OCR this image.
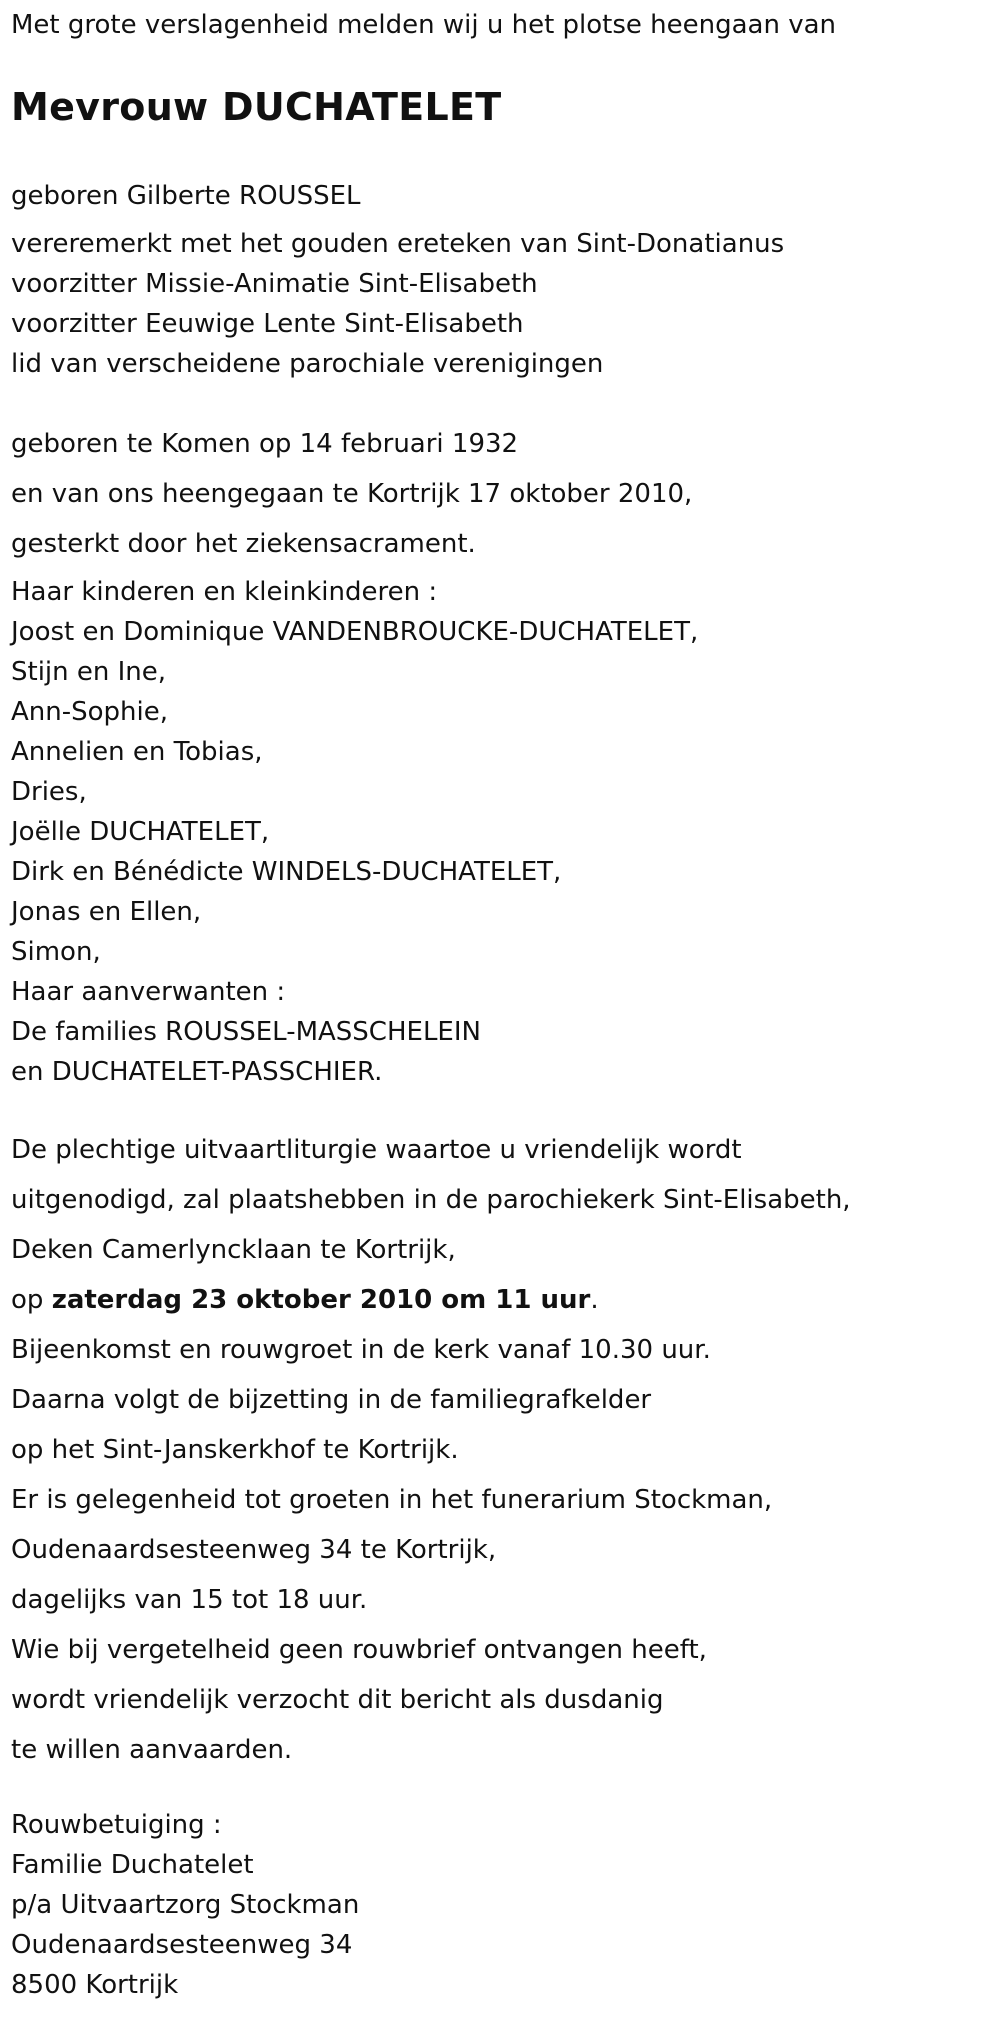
Met grote verslagenheid melden wij u het plotse heengaan van
Mevrouw DUCHATELET
geboren Gilberte ROUSSEL
vereremerkt met het gouden ereteken van Sint-Donatianus
voorzitter Missie-Animatie Sint-Elisabeth
voorzitter Eeuwige Lente Sint-Elisabeth
lid van verscheidene parochiale verenigingen
geboren te Komen op 14 februari 1932
en van ons heengegaan te Kortrijk 17 oktober 2010,
gesterkt door het ziekensacrament.
Haar kinderen en kleinkinderen :
Joost en Dominique VANDENBROUCKE-DUCHATELET,
Stijn en Ine,
Ann-Sophie,
Annelien en Tobias,
Dries,
Joëlle DUCHATELET,
Dirk en Bénédicte WINDELS-DUCHATELET,
Jonas en Ellen,
Simon,
Haar aanverwanten :
De families ROUSSEL-MASSCHELEIN
en DUCHATELET-PASSCHIER.
De plechtige uitvaartliturgie waartoe u vriendelijk wordt
uitgenodigd, zal plaatshebben in de parochiekerk Sint-Elisabeth,
Deken Camerlyncklaan te Kortrijk,
op zaterdag 23 oktober 2010 om 11 uur.
Bijeenkomst en rouwgroet in de kerk vanaf 10.30 uur.
Daarna volgt de bijzetting in de familiegrafkelder
op het Sint-Janskerkhof te Kortrijk.
Er is gelegenheid tot groeten in het funerarium Stockman,
Oudenaardsesteenweg 34 te Kortrijk,
dagelijks van 15 tot 18 uur.
Wie bij vergetelheid geen rouwbrief ontvangen heeft,
wordt vriendelijk verzocht dit bericht als dusdanig
te willen aanvaarden.
Rouwbetuiging :
Familie Duchatelet
p/a Uitvaartzorg Stockman
Oudenaardsesteenweg 34
8500 Kortrijk
